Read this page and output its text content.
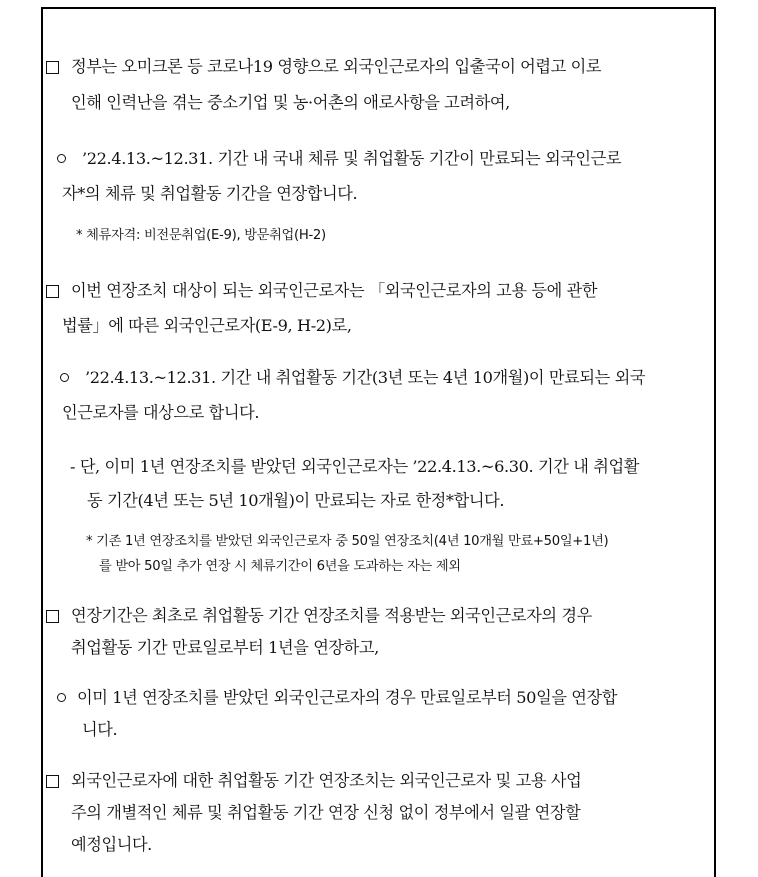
정부는 오미크론 등 코로나19 영향으로 외국인근로자의 입출국이 어렵고 이로
인해 인력난을 겪는 중소기업 및 농·어촌의 애로사항을 고려하여,
’22.4.13.~12.31. 기간 내 국내 체류 및 취업활동 기간이 만료되는 외국인근로
자*의 체류 및 취업활동 기간을 연장합니다.
* 체류자격: 비전문취업(E-9), 방문취업(H-2)
이번 연장조치 대상이 되는 외국인근로자는 「외국인근로자의 고용 등에 관한
법률」에 따른 외국인근로자(E-9, H-2)로,
’22.4.13.~12.31. 기간 내 취업활동 기간(3년 또는 4년 10개월)이 만료되는 외국
인근로자를 대상으로 합니다.
- 단, 이미 1년 연장조치를 받았던 외국인근로자는 ’22.4.13.~6.30. 기간 내 취업활
동 기간(4년 또는 5년 10개월)이 만료되는 자로 한정*합니다.
* 기존 1년 연장조치를 받았던 외국인근로자 중 50일 연장조치(4년 10개월 만료+50일+1년)
를 받아 50일 추가 연장 시 체류기간이 6년을 도과하는 자는 제외
연장기간은 최초로 취업활동 기간 연장조치를 적용받는 외국인근로자의 경우
취업활동 기간 만료일로부터 1년을 연장하고,
이미 1년 연장조치를 받았던 외국인근로자의 경우 만료일로부터 50일을 연장합
니다.
외국인근로자에 대한 취업활동 기간 연장조치는 외국인근로자 및 고용 사업
주의 개별적인 체류 및 취업활동 기간 연장 신청 없이 정부에서 일괄 연장할
예정입니다.
